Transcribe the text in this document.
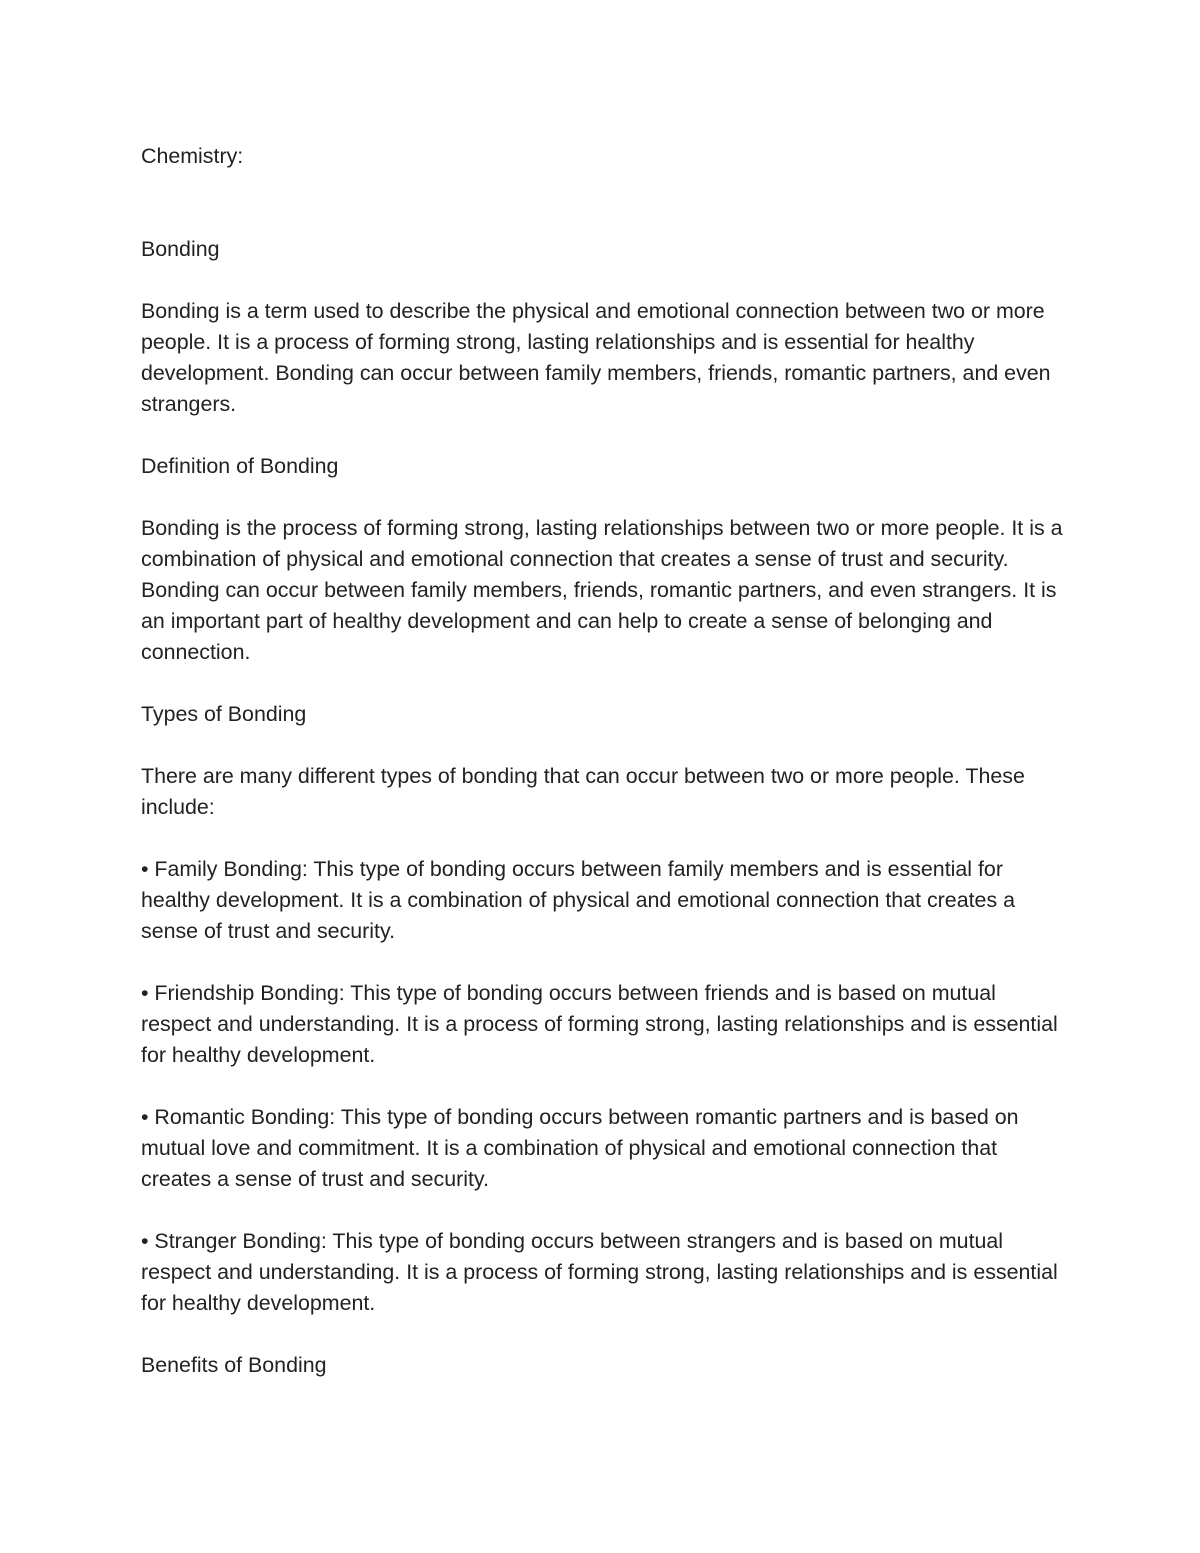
Chemistry:

Bonding

Bonding is a term used to describe the physical and emotional connection between two or more people. It is a process of forming strong, lasting relationships and is essential for healthy development. Bonding can occur between family members, friends, romantic partners, and even strangers.

Definition of Bonding

Bonding is the process of forming strong, lasting relationships between two or more people. It is a combination of physical and emotional connection that creates a sense of trust and security. Bonding can occur between family members, friends, romantic partners, and even strangers. It is an important part of healthy development and can help to create a sense of belonging and connection.

Types of Bonding

There are many different types of bonding that can occur between two or more people. These include:

• Family Bonding: This type of bonding occurs between family members and is essential for healthy development. It is a combination of physical and emotional connection that creates a sense of trust and security.

• Friendship Bonding: This type of bonding occurs between friends and is based on mutual respect and understanding. It is a process of forming strong, lasting relationships and is essential for healthy development.

• Romantic Bonding: This type of bonding occurs between romantic partners and is based on mutual love and commitment. It is a combination of physical and emotional connection that creates a sense of trust and security.

• Stranger Bonding: This type of bonding occurs between strangers and is based on mutual respect and understanding. It is a process of forming strong, lasting relationships and is essential for healthy development.

Benefits of Bonding
